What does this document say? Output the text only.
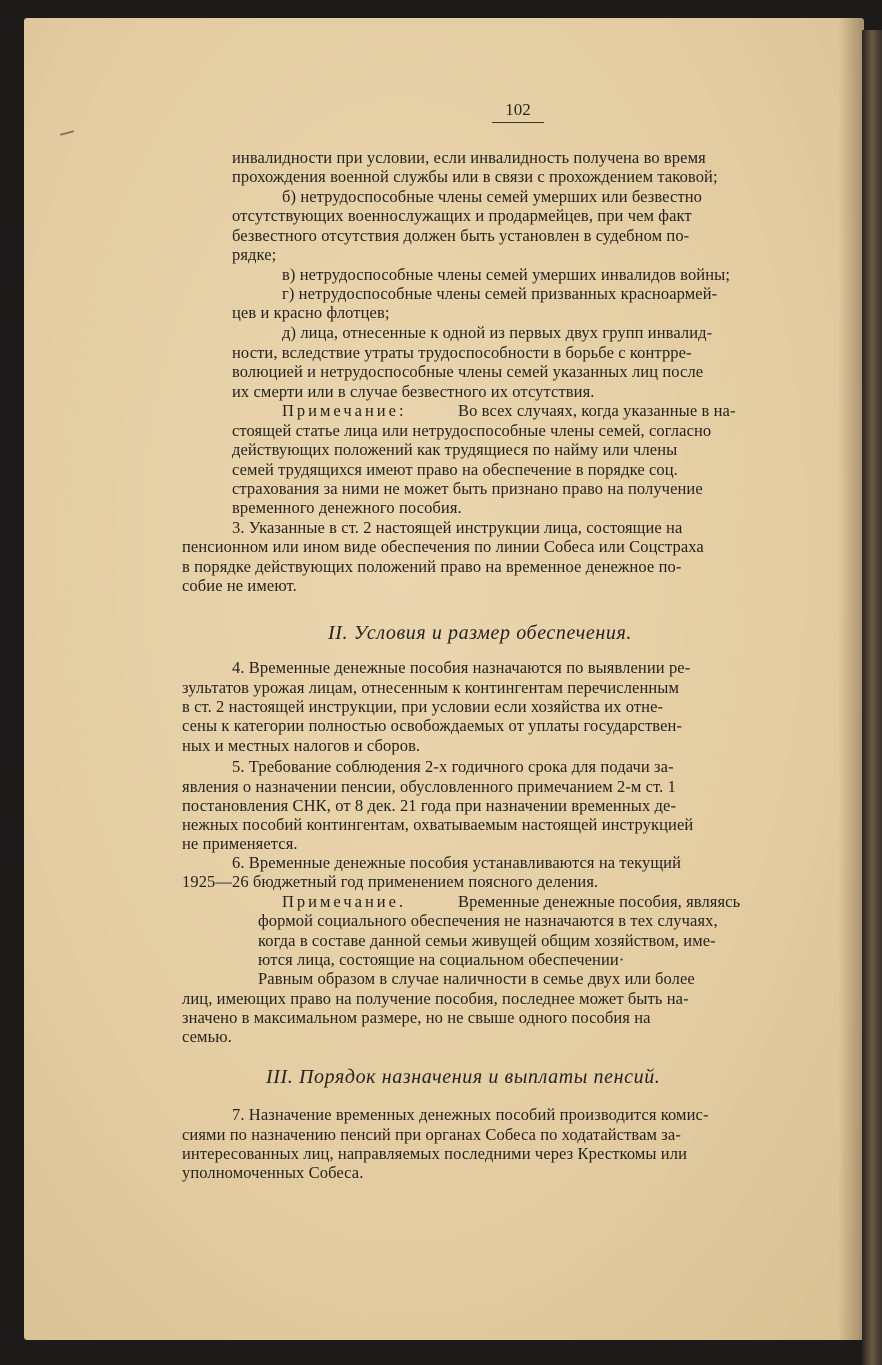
102
инвалидности при условии, если инвалидность получена во время
прохождения военной службы или в связи с прохождением таковой;
б) нетрудоспособные члены семей умерших или безвестно
отсутствующих военнослужащих и продармейцев, при чем факт
безвестного отсутствия должен быть установлен в судебном по-
рядке;
в) нетрудоспособные члены семей умерших инвалидов войны;
г) нетрудоспособные члены семей призванных красноармей-
цев и красно флотцев;
д) лица, отнесенные к одной из первых двух групп инвалид-
ности, вследствие утраты трудоспособности в борьбе с контрре-
волюцией и нетрудоспособные члены семей указанных лиц после
их смерти или в случае безвестного их отсутствия.
Примечание:	Во всех случаях, когда указанные в на-
стоящей статье лица или нетрудоспособные члены семей, согласно
действующих положений как трудящиеся по найму или члены
семей трудящихся имеют право на обеспечение в порядке соц.
страхования за ними не может быть признано право на получение
временного денежного пособия.
3. Указанные в ст. 2 настоящей инструкции лица, состоящие на
пенсионном или ином виде обеспечения по линии Собеса или Соцстраха
в порядке действующих положений право на временное денежное по-
собие не имеют.
II. Условия и размер обеспечения.
4. Временные денежные пособия назначаются по выявлении ре-
зультатов урожая лицам, отнесенным к контингентам перечисленным
в ст. 2 настоящей инструкции, при условии если хозяйства их отне-
сены к категории полностью освобождаемых от уплаты государствен-
ных и местных налогов и сборов.
5. Требование соблюдения 2-х годичного срока для подачи за-
явления о назначении пенсии, обусловленного примечанием 2-м ст. 1
постановления СНК, от 8 дек. 21 года при назначении временных де-
нежных пособий контингентам, охватываемым настоящей инструкцией
не применяется.
6. Временные денежные пособия устанавливаются на текущий
1925—26 бюджетный год применением поясного деления.
Примечание.	Временные денежные пособия, являясь
формой социального обеспечения не назначаются в тех случаях,
когда в составе данной семьи живущей общим хозяйством, име-
ются лица, состоящие на социальном обеспечении·
Равным образом в случае наличности в семье двух или более
лиц, имеющих право на получение пособия, последнее может быть на-
значено в максимальном размере, но не свыше одного пособия на
семью.
III. Порядок назначения и выплаты пенсий.
7. Назначение временных денежных пособий производится комис-
сиями по назначению пенсий при органах Собеса по ходатайствам за-
интересованных лиц, направляемых последними через Кресткомы или
уполномоченных Собеса.
